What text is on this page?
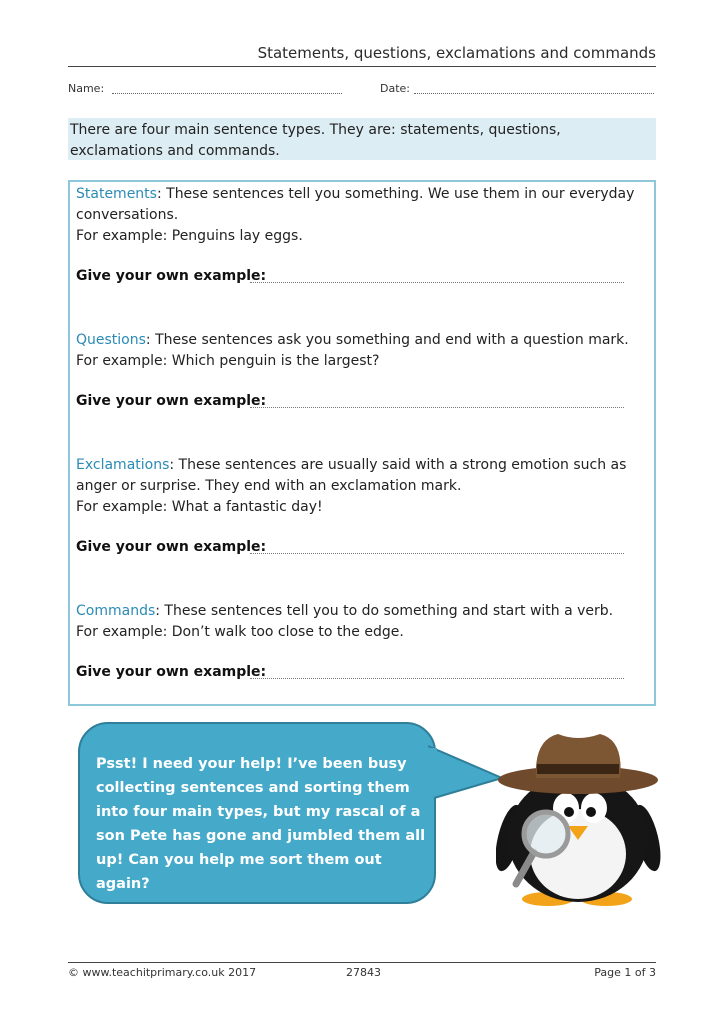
Statements, questions, exclamations and commands
Name:	Date:
There are four main sentence types. They are: statements, questions, exclamations and commands.
Statements: These sentences tell you something. We use them in our everyday conversations.
For example: Penguins lay eggs.
Give your own example:
Questions: These sentences ask you something and end with a question mark.
For example: Which penguin is the largest?
Give your own example:
Exclamations: These sentences are usually said with a strong emotion such as anger or surprise. They end with an exclamation mark.
For example: What a fantastic day!
Give your own example:
Commands: These sentences tell you to do something and start with a verb.
For example: Don’t walk too close to the edge.
Give your own example:
Psst! I need your help! I’ve been busy collecting sentences and sorting them into four main types, but my rascal of a son Pete has gone and jumbled them all up! Can you help me sort them out again?
© www.teachitprimary.co.uk 2017	27843	Page 1 of 3
